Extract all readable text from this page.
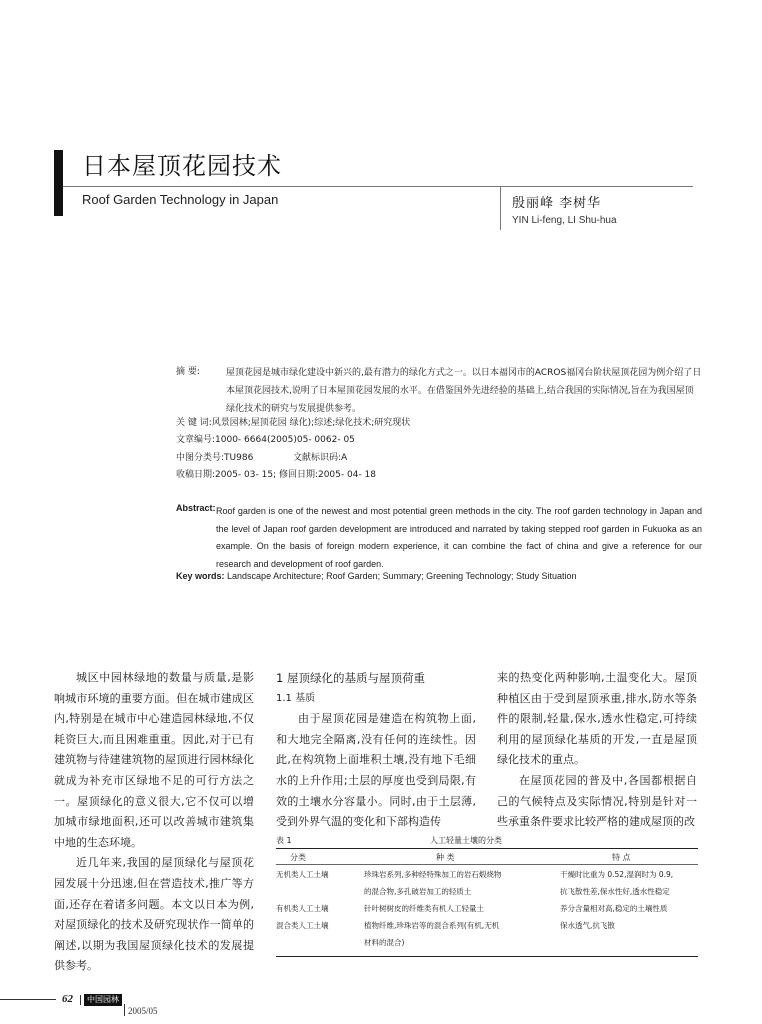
日本屋顶花园技术
Roof Garden Technology in Japan	殷丽峰 李树华
YIN Li-feng, LI Shu-hua
摘 要:	屋顶花园是城市绿化建设中新兴的,最有潜力的绿化方式之一。以日本福冈市的ACROS福冈台阶状屋顶花园为例介绍了日本屋顶花园技术,说明了日本屋顶花园发展的水平。在借鉴国外先进经验的基础上,结合我国的实际情况,旨在为我国屋顶绿化技术的研究与发展提供参考。
关 键 词:风景园林;屋顶花园 绿化);综述;绿化技术;研究现状
文章编号:1000- 6664(2005)05- 0062- 05
中图分类号:TU986	文献标识码:A
收稿日期:2005- 03- 15; 修回日期:2005- 04- 18
Abstract: Roof garden is one of the newest and most potential green methods in the city. The roof garden technology in Japan and the level of Japan roof garden development are introduced and narrated by taking stepped roof garden in Fukuoka as an example. On the basis of foreign modern experience, it can combine the fact of china and give a reference for our research and development of roof garden.
Key words: Landscape Architecture; Roof Garden; Summary; Greening Technology; Study Situation

城区中园林绿地的数量与质量,是影响城市环境的重要方面。但在城市建成区内,特别是在城市中心建造园林绿地,不仅耗资巨大,而且困难重重。因此,对于已有建筑物与待建建筑物的屋顶进行园林绿化就成为补充市区绿地不足的可行方法之一。屋顶绿化的意义很大,它不仅可以增加城市绿地面积,还可以改善城市建筑集中地的生态环境。

近几年来,我国的屋顶绿化与屋顶花园发展十分迅速,但在营造技术,推广等方面,还存在着诸多问题。本文以日本为例,对屋顶绿化的技术及研究现状作一简单的阐述,以期为我国屋顶绿化技术的发展提供参考。

1 屋顶绿化的基质与屋顶荷重

1.1 基质

由于屋顶花园是建造在构筑物上面,和大地完全隔离,没有任何的连续性。因此,在构筑物上面堆积土壤,没有地下毛细水的上升作用;土层的厚度也受到局限,有效的土壤水分容量小。同时,由于土层薄,受到外界气温的变化和下部构造传

来的热变化两种影响,土温变化大。屋顶种植区由于受到屋顶承重,排水,防水等条件的限制,轻量,保水,透水性稳定,可持续利用的屋顶绿化基质的开发,一直是屋顶绿化技术的重点。

在屋顶花园的普及中,各国都根据自己的气候特点及实际情况,特别是针对一些承重条件要求比较严格的建成屋顶的改

表 1	人工轻量土壤的分类
分类	种 类	特 点
无机类人工土壤	珍珠岩系列,多种经特殊加工的岩石煅烧物	干燥时比重为 0.52,湿润时为 0.9,
的混合物,多孔破岩加工的轻质土	抗飞散性差,保水性好,透水性稳定
有机类人工土壤	针叶树树皮的纤维类有机人工轻量土	养分含量相对高,稳定的土壤性质
混合类人工土壤	植物纤维,珍珠岩等的混合系列(有机,无机	保水透气,抗飞散
材料的混合)
62	中国园林
2005/05
